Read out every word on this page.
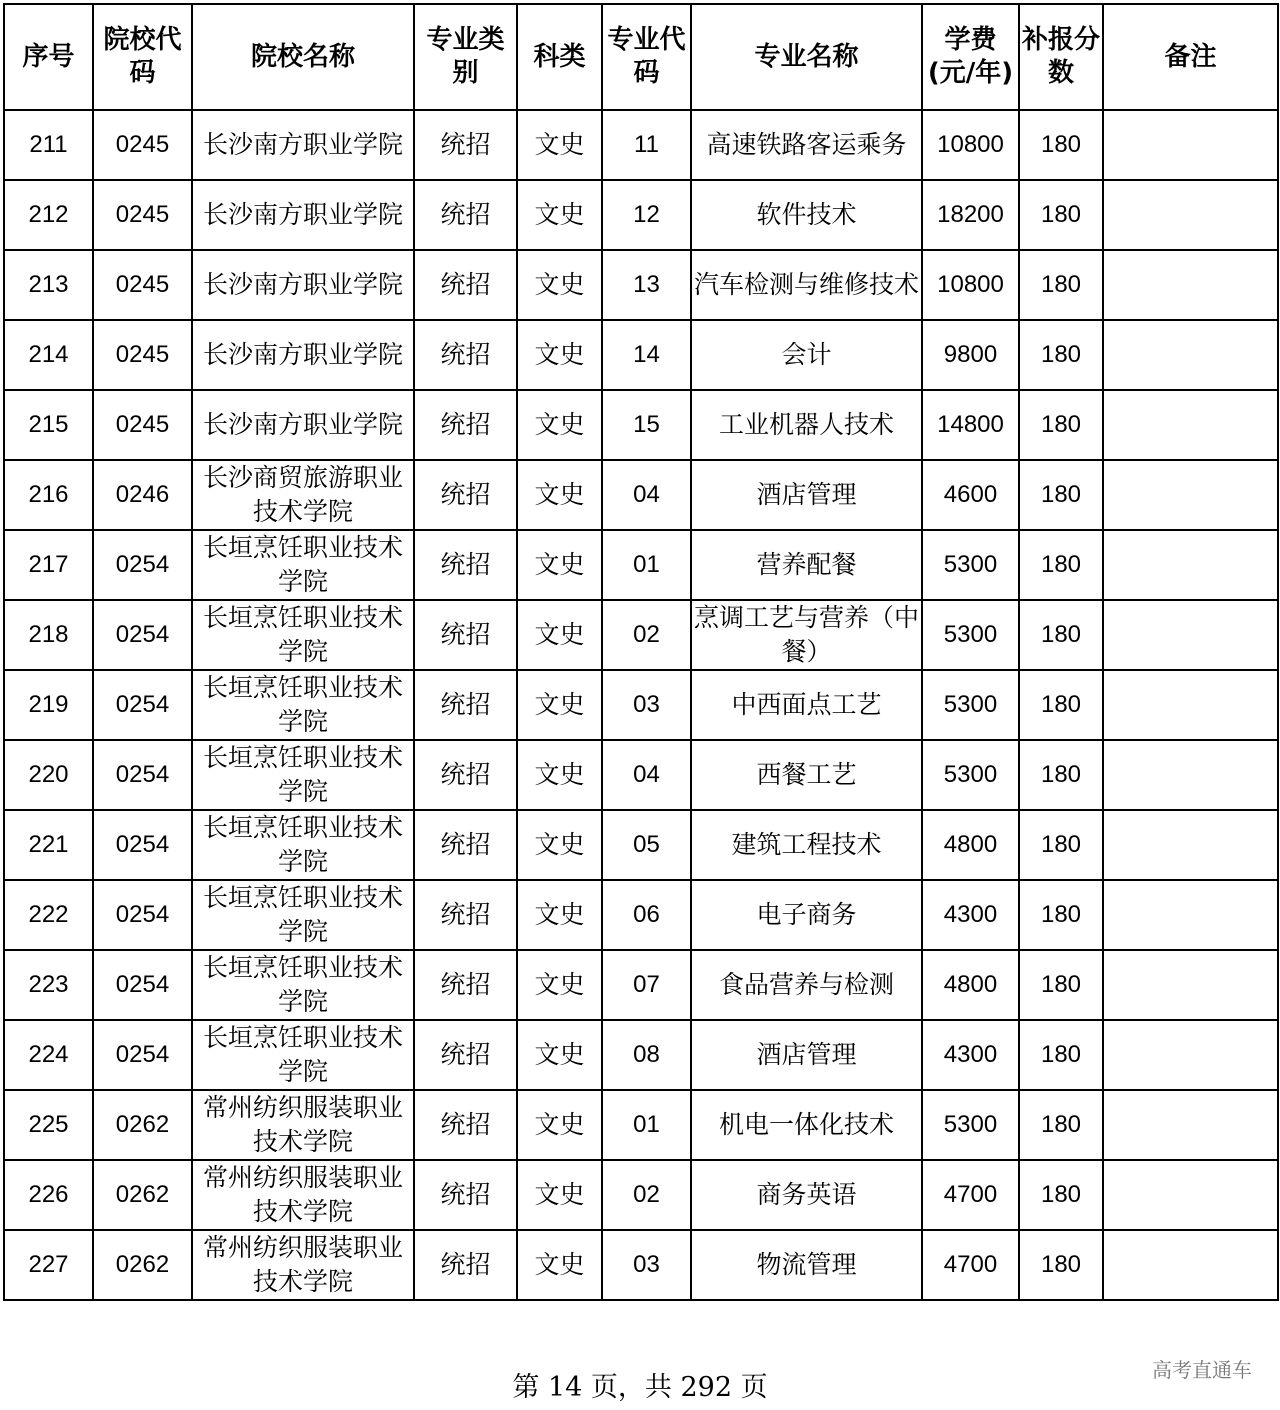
序号	院校代码	院校名称	专业类别	科类	专业代码	专业名称	学费(元/年)	补报分数	备注
211	0245	长沙南方职业学院	统招	文史	11	高速铁路客运乘务	10800	180	
212	0245	长沙南方职业学院	统招	文史	12	软件技术	18200	180	
213	0245	长沙南方职业学院	统招	文史	13	汽车检测与维修技术	10800	180	
214	0245	长沙南方职业学院	统招	文史	14	会计	9800	180	
215	0245	长沙南方职业学院	统招	文史	15	工业机器人技术	14800	180	
216	0246	长沙商贸旅游职业技术学院	统招	文史	04	酒店管理	4600	180	
217	0254	长垣烹饪职业技术学院	统招	文史	01	营养配餐	5300	180	
218	0254	长垣烹饪职业技术学院	统招	文史	02	烹调工艺与营养（中餐）	5300	180	
219	0254	长垣烹饪职业技术学院	统招	文史	03	中西面点工艺	5300	180	
220	0254	长垣烹饪职业技术学院	统招	文史	04	西餐工艺	5300	180	
221	0254	长垣烹饪职业技术学院	统招	文史	05	建筑工程技术	4800	180	
222	0254	长垣烹饪职业技术学院	统招	文史	06	电子商务	4300	180	
223	0254	长垣烹饪职业技术学院	统招	文史	07	食品营养与检测	4800	180	
224	0254	长垣烹饪职业技术学院	统招	文史	08	酒店管理	4300	180	
225	0262	常州纺织服装职业技术学院	统招	文史	01	机电一体化技术	5300	180	
226	0262	常州纺织服装职业技术学院	统招	文史	02	商务英语	4700	180	
227	0262	常州纺织服装职业技术学院	统招	文史	03	物流管理	4700	180	
第 14 页，共 292 页
高考直通车
